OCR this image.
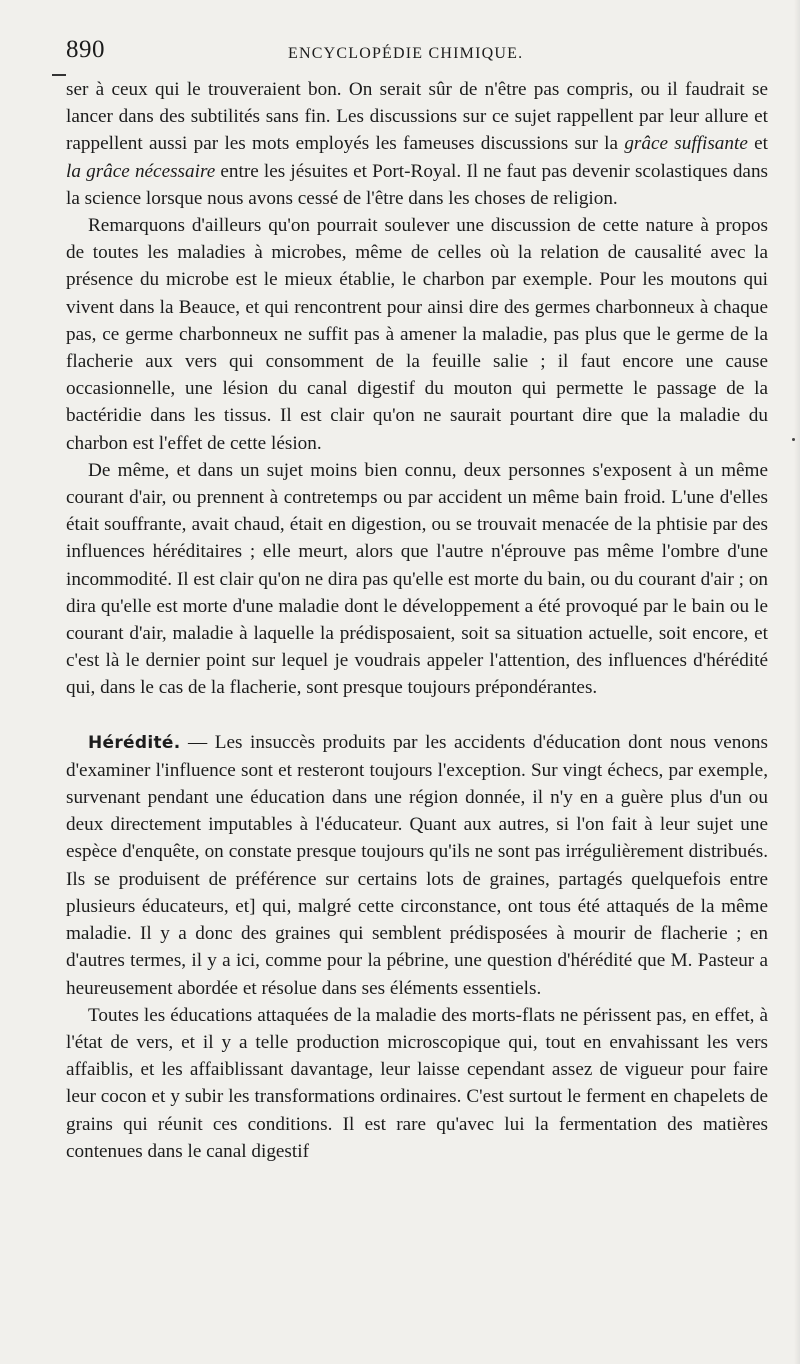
890	ENCYCLOPÉDIE CHIMIQUE.

ser à ceux qui le trouveraient bon. On serait sûr de n'être pas compris, ou il faudrait se lancer dans des subtilités sans fin. Les discussions sur ce sujet rappellent par leur allure et rappellent aussi par les mots employés les fameuses discussions sur la grâce suffisante et la grâce nécessaire entre les jésuites et Port-Royal. Il ne faut pas devenir scolastiques dans la science lorsque nous avons cessé de l'être dans les choses de religion.

Remarquons d'ailleurs qu'on pourrait soulever une discussion de cette nature à propos de toutes les maladies à microbes, même de celles où la relation de causalité avec la présence du microbe est le mieux établie, le charbon par exemple. Pour les moutons qui vivent dans la Beauce, et qui rencontrent pour ainsi dire des germes charbonneux à chaque pas, ce germe charbonneux ne suffit pas à amener la maladie, pas plus que le germe de la flacherie aux vers qui consomment de la feuille salie ; il faut encore une cause occasionnelle, une lésion du canal digestif du mouton qui permette le passage de la bactéridie dans les tissus. Il est clair qu'on ne saurait pourtant dire que la maladie du charbon est l'effet de cette lésion.

De même, et dans un sujet moins bien connu, deux personnes s'exposent à un même courant d'air, ou prennent à contretemps ou par accident un même bain froid. L'une d'elles était souffrante, avait chaud, était en digestion, ou se trouvait menacée de la phtisie par des influences héréditaires ; elle meurt, alors que l'autre n'éprouve pas même l'ombre d'une incommodité. Il est clair qu'on ne dira pas qu'elle est morte du bain, ou du courant d'air ; on dira qu'elle est morte d'une maladie dont le développement a été provoqué par le bain ou le courant d'air, maladie à laquelle la prédisposaient, soit sa situation actuelle, soit encore, et c'est là le dernier point sur lequel je voudrais appeler l'attention, des influences d'hérédité qui, dans le cas de la flacherie, sont presque toujours prépondérantes.

Hérédité. — Les insuccès produits par les accidents d'éducation dont nous venons d'examiner l'influence sont et resteront toujours l'exception. Sur vingt échecs, par exemple, survenant pendant une éducation dans une région donnée, il n'y en a guère plus d'un ou deux directement imputables à l'éducateur. Quant aux autres, si l'on fait à leur sujet une espèce d'enquête, on constate presque toujours qu'ils ne sont pas irrégulièrement distribués. Ils se produisent de préférence sur certains lots de graines, partagés quelquefois entre plusieurs éducateurs, et] qui, malgré cette circonstance, ont tous été attaqués de la même maladie. Il y a donc des graines qui semblent prédisposées à mourir de flacherie ; en d'autres termes, il y a ici, comme pour la pébrine, une question d'hérédité que M. Pasteur a heureusement abordée et résolue dans ses éléments essentiels.

Toutes les éducations attaquées de la maladie des morts-flats ne périssent pas, en effet, à l'état de vers, et il y a telle production microscopique qui, tout en envahissant les vers affaiblis, et les affaiblissant davantage, leur laisse cependant assez de vigueur pour faire leur cocon et y subir les transformations ordinaires. C'est surtout le ferment en chapelets de grains qui réunit ces conditions. Il est rare qu'avec lui la fermentation des matières contenues dans le canal digestif
